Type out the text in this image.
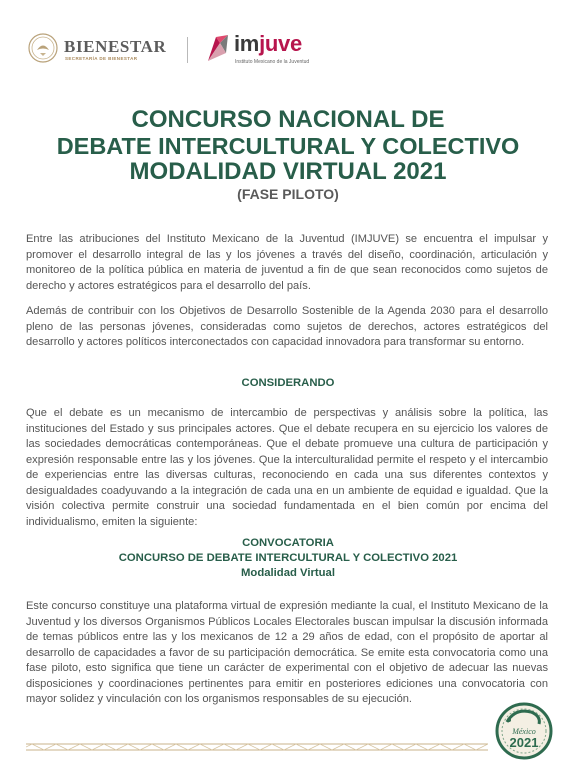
BIENESTAR
SECRETARÍA DE BIENESTAR
imjuve
Instituto Mexicano de la Juventud
CONCURSO NACIONAL DE
DEBATE INTERCULTURAL Y COLECTIVO
MODALIDAD VIRTUAL 2021
(FASE PILOTO)

Entre las atribuciones del Instituto Mexicano de la Juventud (IMJUVE) se encuentra el impulsar y promover el desarrollo integral de las y los jóvenes a través del diseño, coordinación, articulación y monitoreo de la política pública en materia de juventud a fin de que sean reconocidos como sujetos de derecho y actores estratégicos para el desarrollo del país.

Además de contribuir con los Objetivos de Desarrollo Sostenible de la Agenda 2030 para el desarrollo pleno de las personas jóvenes, consideradas como sujetos de derechos, actores estratégicos del desarrollo y actores políticos interconectados con capacidad innovadora para transformar su entorno.

CONSIDERANDO

Que el debate es un mecanismo de intercambio de perspectivas y análisis sobre la política, las instituciones del Estado y sus principales actores. Que el debate recupera en su ejercicio los valores de las sociedades democráticas contemporáneas. Que el debate promueve una cultura de participación y expresión responsable entre las y los jóvenes. Que la interculturalidad permite el respeto y el intercambio de experiencias entre las diversas culturas, reconociendo en cada una sus diferentes contextos y desigualdades coadyuvando a la integración de cada una en un ambiente de equidad e igualdad. Que la visión colectiva permite construir una sociedad fundamentada en el bien común por encima del individualismo, emiten la siguiente:

CONVOCATORIA
CONCURSO DE DEBATE INTERCULTURAL Y COLECTIVO 2021
Modalidad Virtual

Este concurso constituye una plataforma virtual de expresión mediante la cual, el Instituto Mexicano de la Juventud y los diversos Organismos Públicos Locales Electorales buscan impulsar la discusión informada de temas públicos entre las y los mexicanos de 12 a 29 años de edad, con el propósito de aportar al desarrollo de capacidades a favor de su participación democrática. Se emite esta convocatoria como una fase piloto, esto significa que tiene un carácter de experimental con el objetivo de adecuar las nuevas disposiciones y coordinaciones pertinentes para emitir en posteriores ediciones una convocatoria con mayor solidez y vinculación con los organismos responsables de su ejecución.

México
2021
